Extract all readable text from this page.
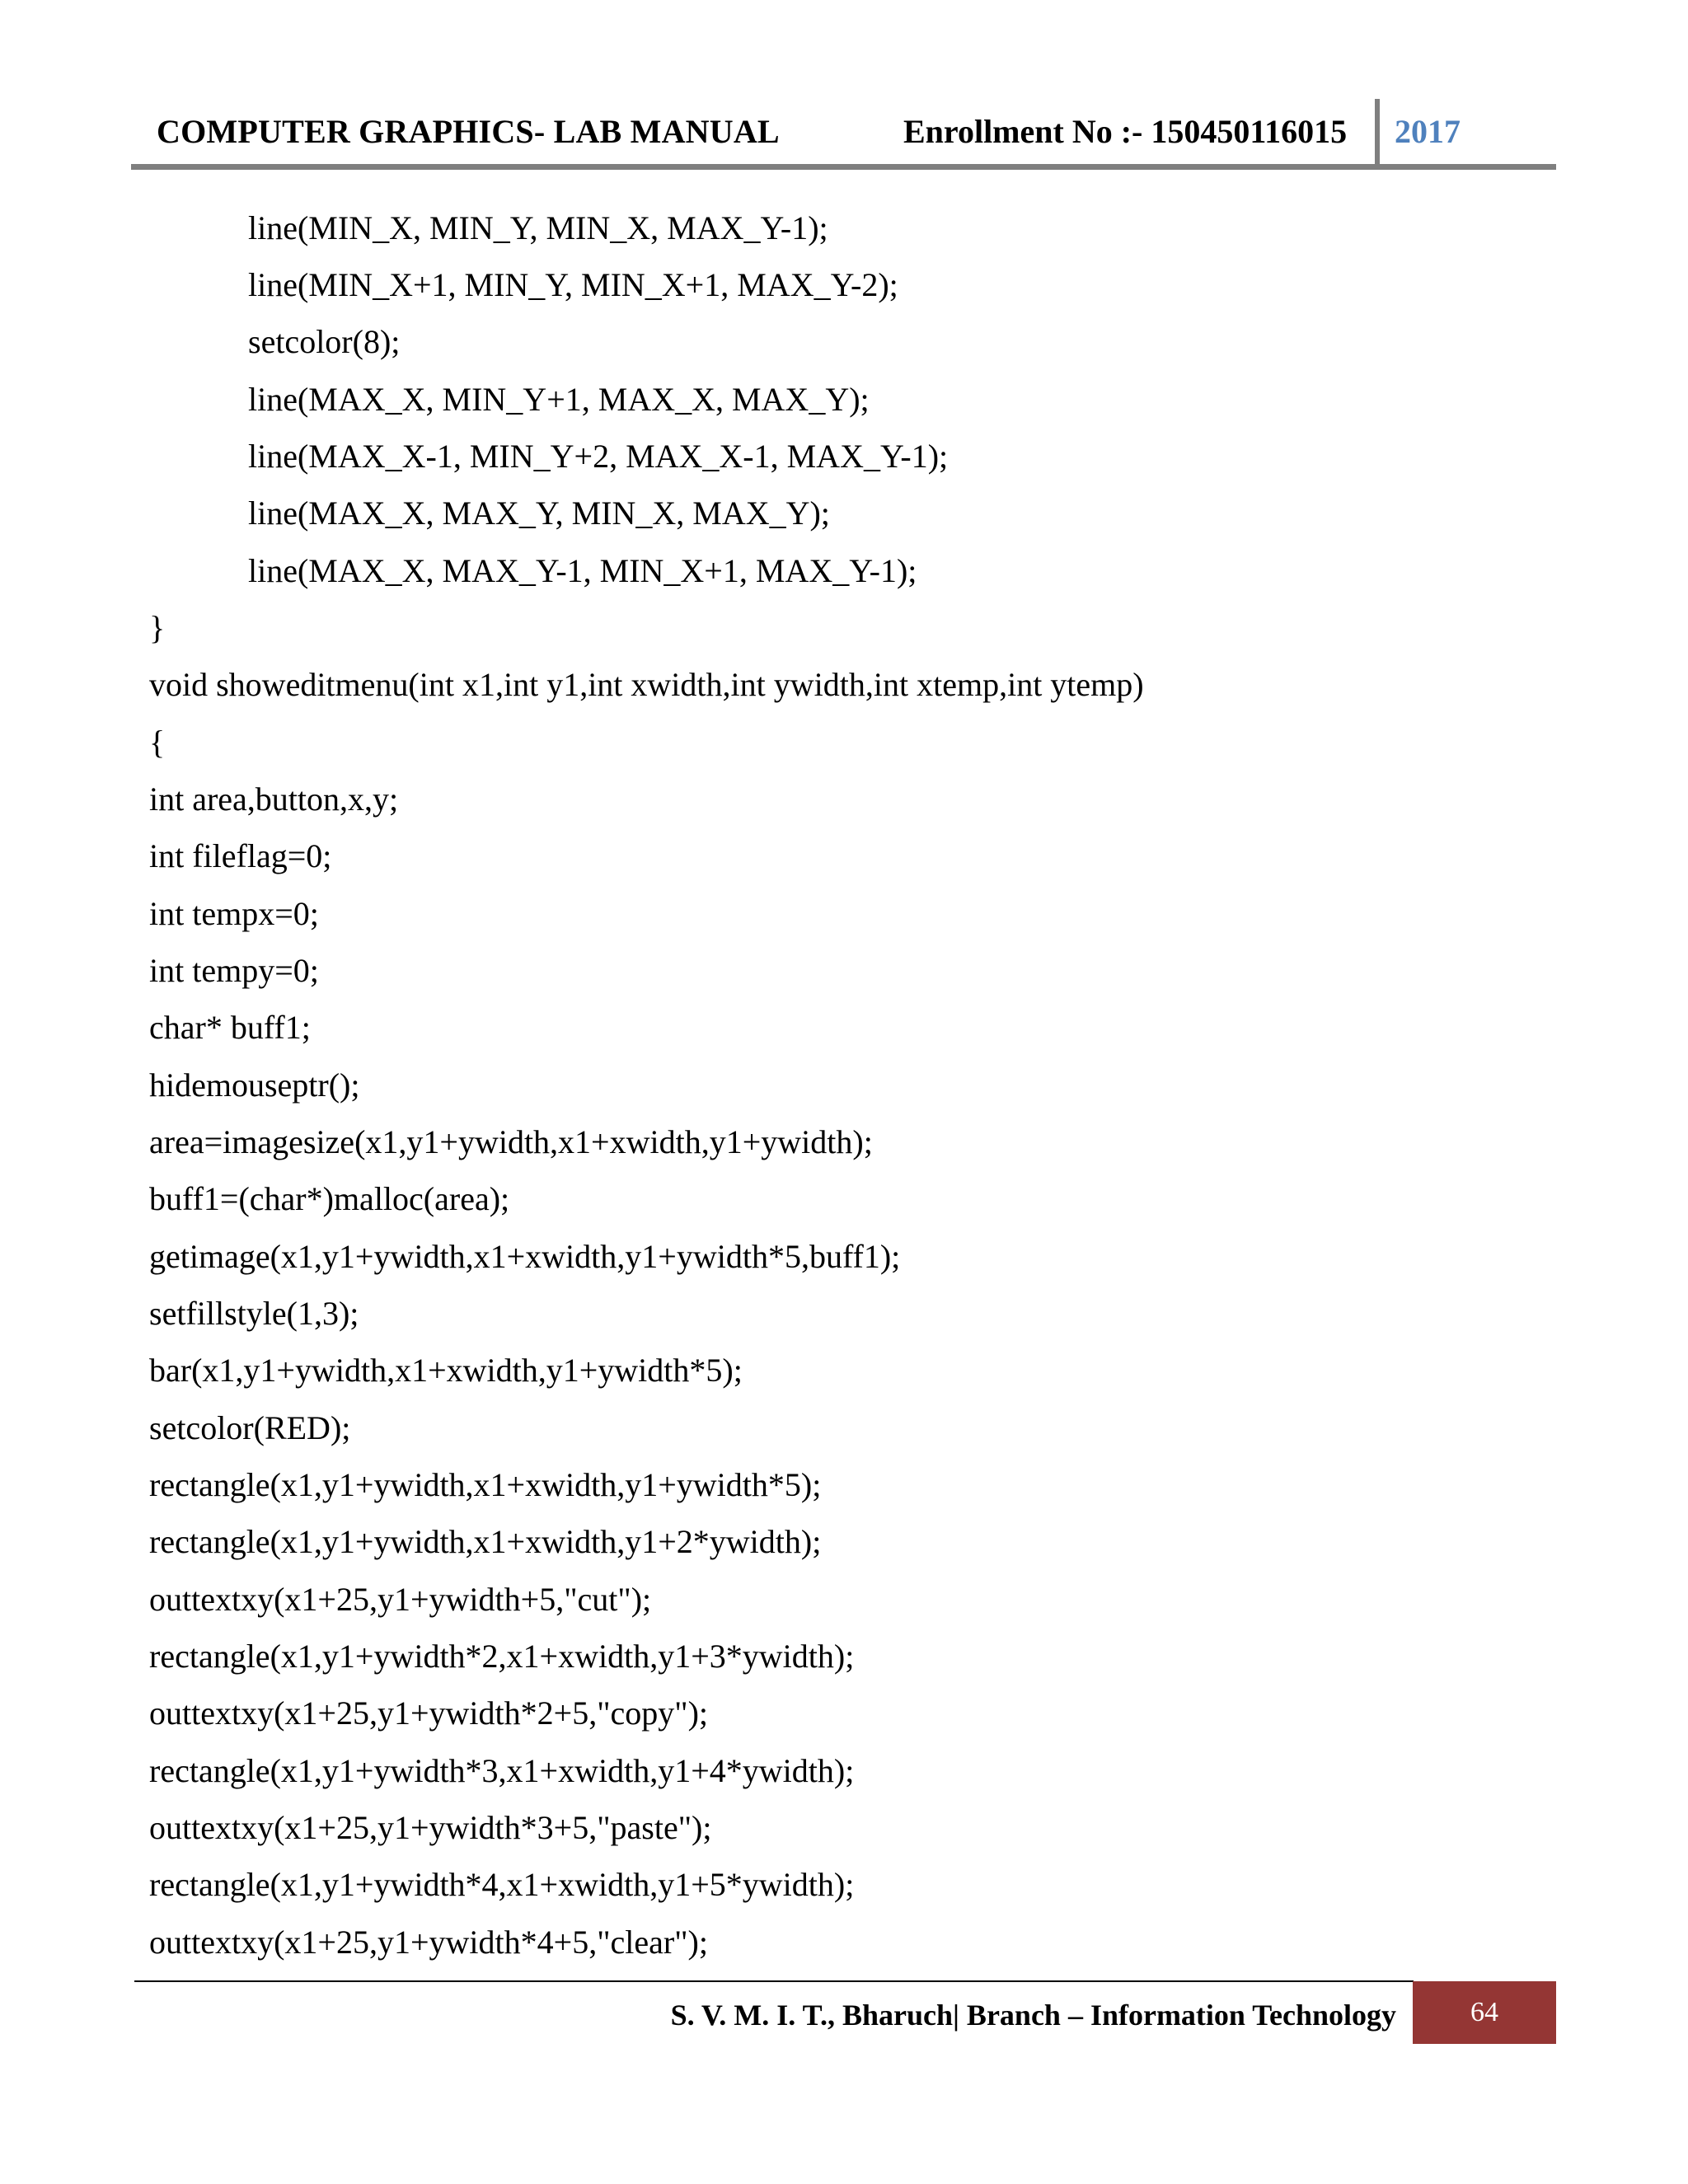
COMPUTER GRAPHICS- LAB MANUAL	Enrollment No :- 150450116015 2017
line(MIN_X, MIN_Y, MIN_X, MAX_Y-1);
line(MIN_X+1, MIN_Y, MIN_X+1, MAX_Y-2);
setcolor(8);
line(MAX_X, MIN_Y+1, MAX_X, MAX_Y);
line(MAX_X-1, MIN_Y+2, MAX_X-1, MAX_Y-1);
line(MAX_X, MAX_Y, MIN_X, MAX_Y);
line(MAX_X, MAX_Y-1, MIN_X+1, MAX_Y-1);
}
void showeditmenu(int x1,int y1,int xwidth,int ywidth,int xtemp,int ytemp)
{
int area,button,x,y;
int fileflag=0;
int tempx=0;
int tempy=0;
char* buff1;
hidemouseptr();
area=imagesize(x1,y1+ywidth,x1+xwidth,y1+ywidth);
buff1=(char*)malloc(area);
getimage(x1,y1+ywidth,x1+xwidth,y1+ywidth*5,buff1);
setfillstyle(1,3);
bar(x1,y1+ywidth,x1+xwidth,y1+ywidth*5);
setcolor(RED);
rectangle(x1,y1+ywidth,x1+xwidth,y1+ywidth*5);
rectangle(x1,y1+ywidth,x1+xwidth,y1+2*ywidth);
outtextxy(x1+25,y1+ywidth+5,"cut");
rectangle(x1,y1+ywidth*2,x1+xwidth,y1+3*ywidth);
outtextxy(x1+25,y1+ywidth*2+5,"copy");
rectangle(x1,y1+ywidth*3,x1+xwidth,y1+4*ywidth);
outtextxy(x1+25,y1+ywidth*3+5,"paste");
rectangle(x1,y1+ywidth*4,x1+xwidth,y1+5*ywidth);
outtextxy(x1+25,y1+ywidth*4+5,"clear");
S. V. M. I. T., Bharuch| Branch – Information Technology	64
